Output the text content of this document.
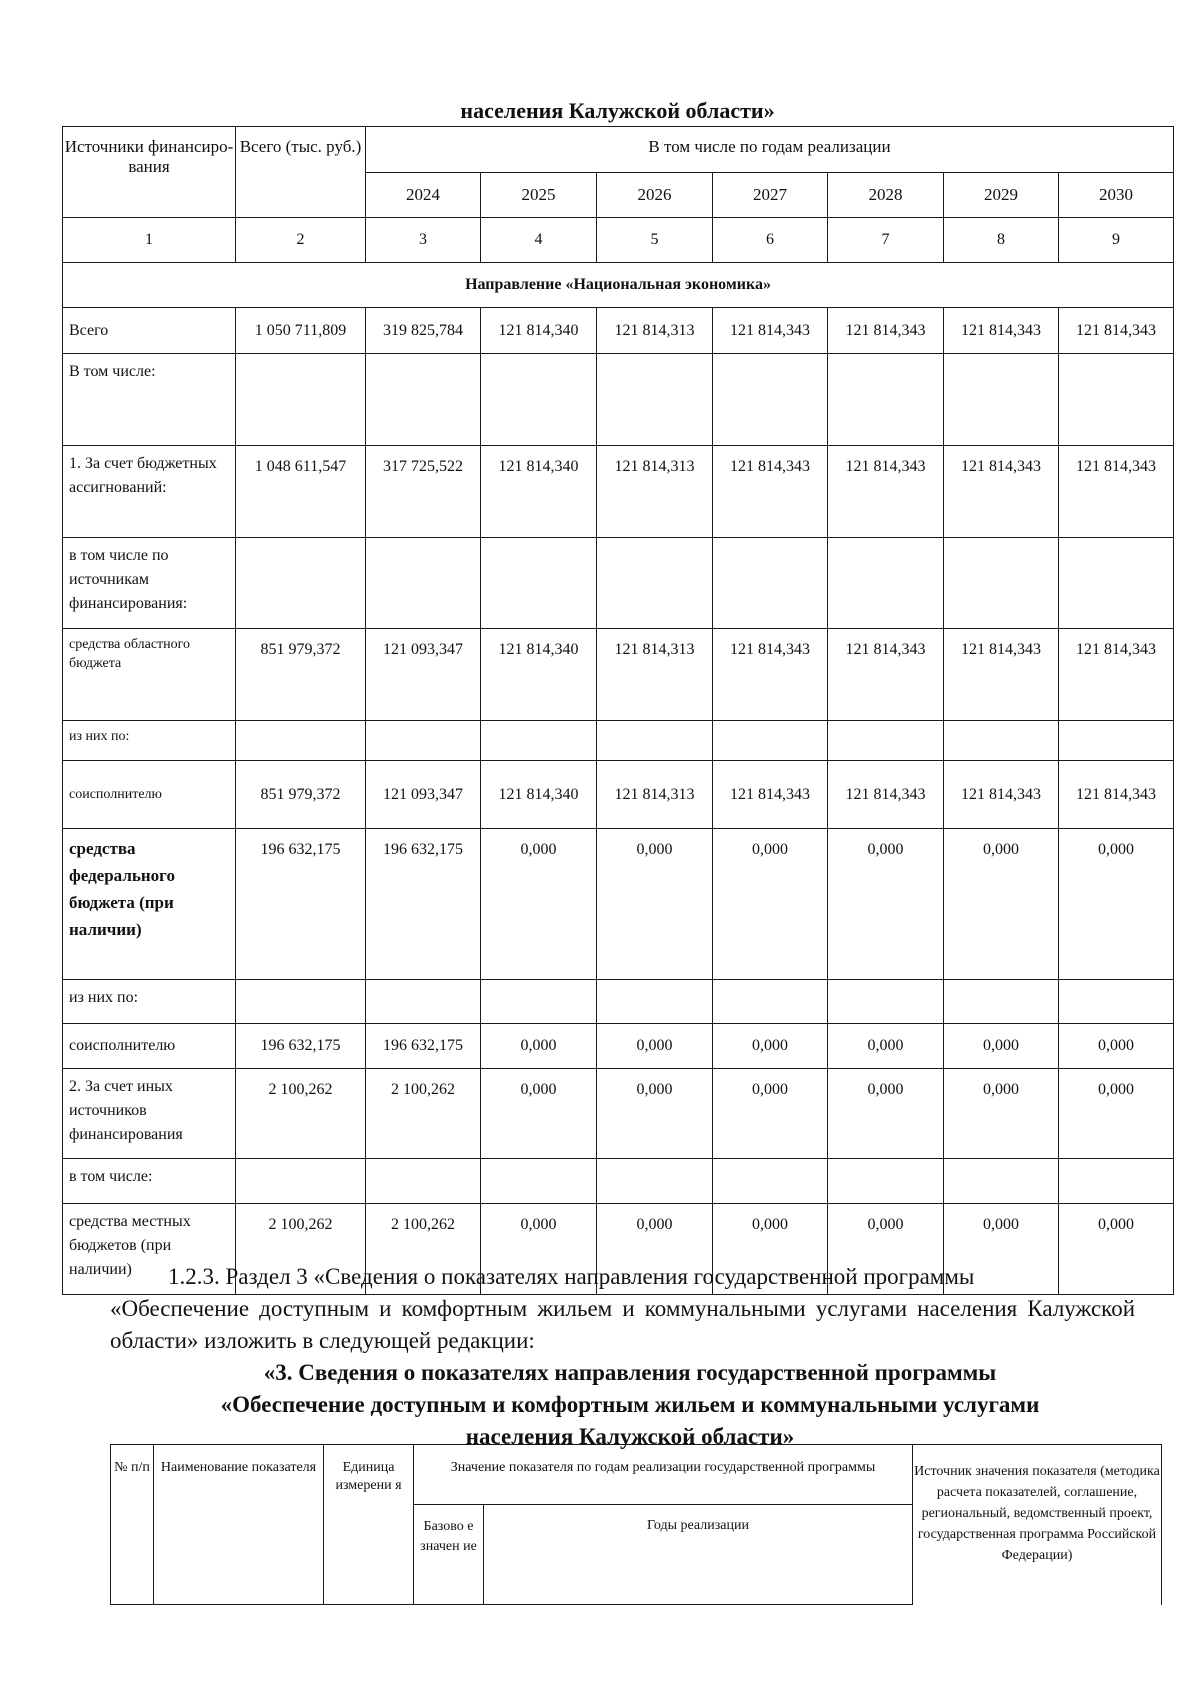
населения Калужской области»
Источники финансиро-вания	Всего (тыс. руб.)	В том числе по годам реализации						
		2024	2025	2026	2027	2028	2029	2030
1	2	3	4	5	6	7	8	9
Направление «Национальная экономика»								
Всего	1 050 711,809	319 825,784	121 814,340	121 814,313	121 814,343	121 814,343	121 814,343	121 814,343
В том числе:								
1. За счет бюджетных ассигнований:	1 048 611,547	317 725,522	121 814,340	121 814,313	121 814,343	121 814,343	121 814,343	121 814,343
в том числе по источникам финансирования:								
средства областного бюджета	851 979,372	121 093,347	121 814,340	121 814,313	121 814,343	121 814,343	121 814,343	121 814,343
из них по:								
соисполнителю	851 979,372	121 093,347	121 814,340	121 814,313	121 814,343	121 814,343	121 814,343	121 814,343
средства федерального бюджета (при наличии)	196 632,175	196 632,175	0,000	0,000	0,000	0,000	0,000	0,000
из них по:								
соисполнителю	196 632,175	196 632,175	0,000	0,000	0,000	0,000	0,000	0,000
2. За счет иных источников финансирования	2 100,262	2 100,262	0,000	0,000	0,000	0,000	0,000	0,000
в том числе:								
средства местных бюджетов (при наличии)	2 100,262	2 100,262	0,000	0,000	0,000	0,000	0,000	0,000
1.2.3. Раздел 3 «Сведения о показателях направления государственной программы
«Обеспечение доступным и комфортным жильем и коммунальными услугами населения Калужской области» изложить в следующей редакции:
«3. Сведения о показателях направления государственной программы
«Обеспечение доступным и комфортным жильем и коммунальными услугами
населения Калужской области»
№ п/п	Наименование показателя	Единица измерени я	Значение показателя по годам реализации государственной программы		Источник значения показателя (методика расчета показателей, соглашение, региональный, ведомственный проект, государственная программа Российской Федерации)
			Базово е значен ие	Годы реализации	
